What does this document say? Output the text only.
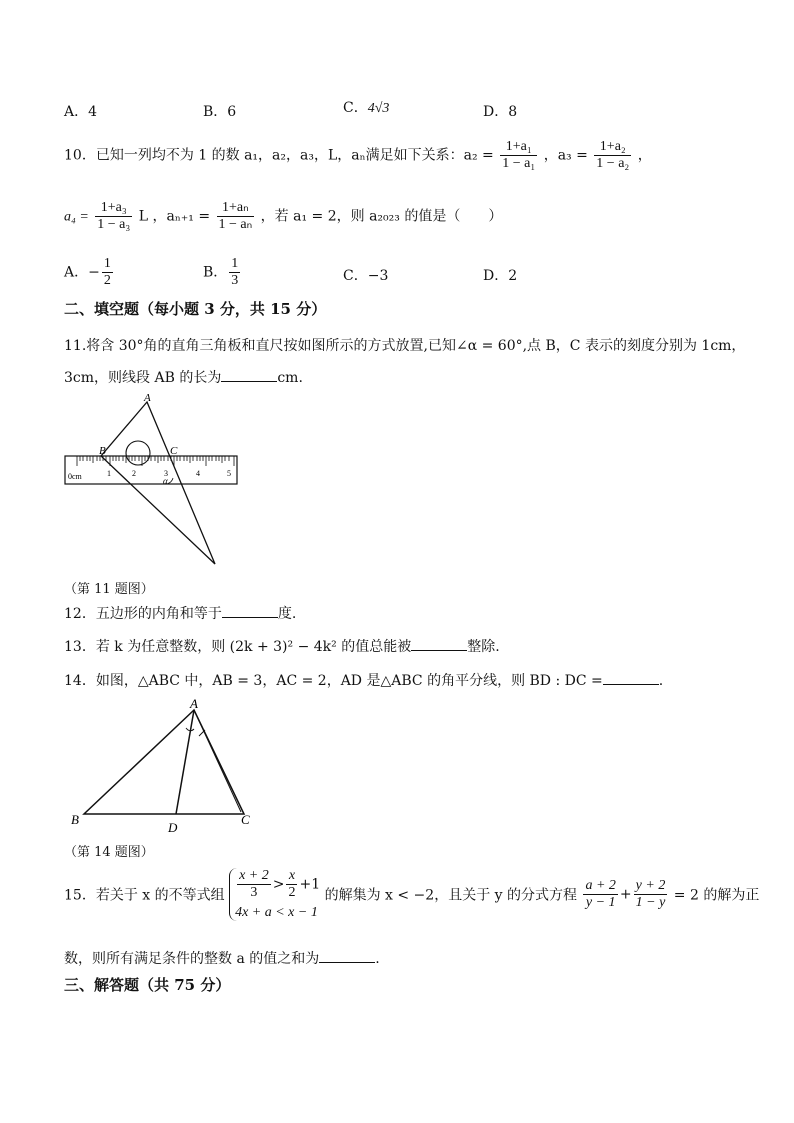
A．4	B．6	C．4√3	D．8
10．已知一列均不为 1 的数 a₁，a₂，a₃，L，aₙ满足如下关系：$a_2 = \frac{\text{1+a₁}}{\text{1 − a₁}}$ ，$a_3 = \frac{\text{1+a₂}}{\text{1 − a₂}}$ ，
$a_4 = \frac{\text{1+a₃}}{\text{1 − a₃}}$ L ，$a_{n+1} = \frac{\text{1+aₙ}}{\text{1 − aₙ}}$ ，若 a₁ = 2，则 a₂₀₂₃ 的值是（　　）
A．− $\frac{1}{2}$	B． $\frac{1}{3}$	C．−3	D．2
二、填空题（每小题 3 分，共 15 分）
11.将含 30°角的直角三角板和直尺按如图所示的方式放置,已知∠α = 60°,点 B，C 表示的刻度分别为 1cm，
3cm，则线段 AB 的长为	cm.
A
B	C
α
0cm	1	2	3	4	5
（第 11 题图）
12．五边形的内角和等于	度.
13．若 k 为任意整数，则 (2k + 3)² − 4k² 的值总能被	整除.
14．如图，△ABC 中，AB = 3，AC = 2，AD 是△ABC 的角平分线，则 BD : DC =	.
A
B	C
D
（第 14 题图）
15．若关于 x 的不等式组 $\frac{x + 2}{3} > \frac{x}{2} +1$
4x + a < x − 1
的解集为 x < −2，且关于 y 的分式方程 $\frac{a + 2}{y - 1} + \frac{y + 2}{1 - y} = 2$ 的解为正
数，则所有满足条件的整数 a 的值之和为	.
三、解答题（共 75 分）
